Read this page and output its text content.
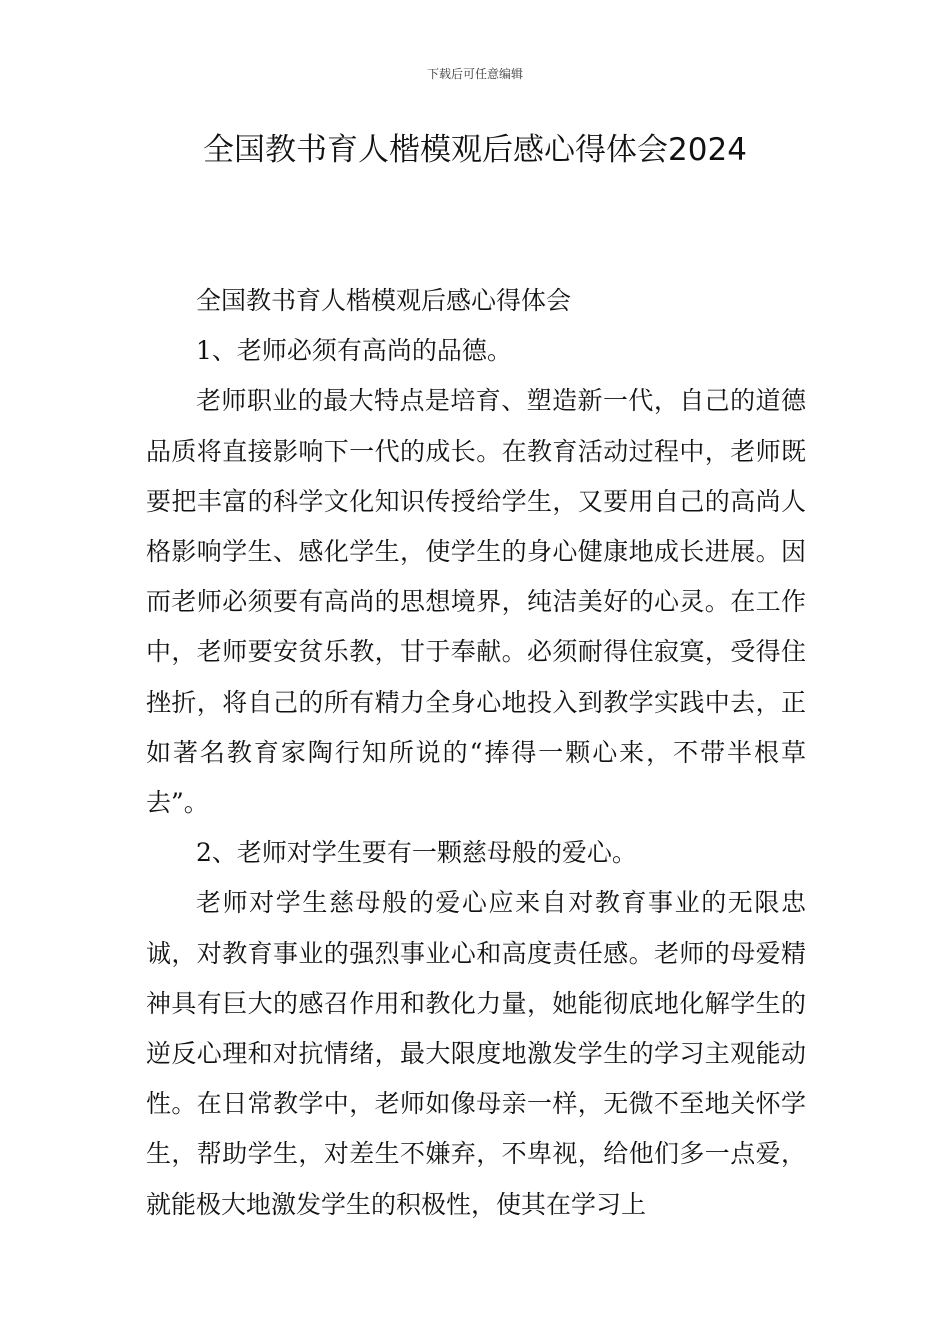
下载后可任意编辑
全国教书育人楷模观后感心得体会2024

全国教书育人楷模观后感心得体会

1、老师必须有高尚的品德。

老师职业的最大特点是培育、塑造新一代，自己的道德品质将直接影响下一代的成长。在教育活动过程中，老师既要把丰富的科学文化知识传授给学生，又要用自己的高尚人格影响学生、感化学生，使学生的身心健康地成长进展。因而老师必须要有高尚的思想境界，纯洁美好的心灵。在工作中，老师要安贫乐教，甘于奉献。必须耐得住寂寞，受得住挫折，将自己的所有精力全身心地投入到教学实践中去，正如著名教育家陶行知所说的“捧得一颗心来，不带半根草去”。

2、老师对学生要有一颗慈母般的爱心。

老师对学生慈母般的爱心应来自对教育事业的无限忠诚，对教育事业的强烈事业心和高度责任感。老师的母爱精神具有巨大的感召作用和教化力量，她能彻底地化解学生的逆反心理和对抗情绪，最大限度地激发学生的学习主观能动性。在日常教学中，老师如像母亲一样，无微不至地关怀学生，帮助学生，对差生不嫌弃，不卑视，给他们多一点爱，就能极大地激发学生的积极性，使其在学习上
